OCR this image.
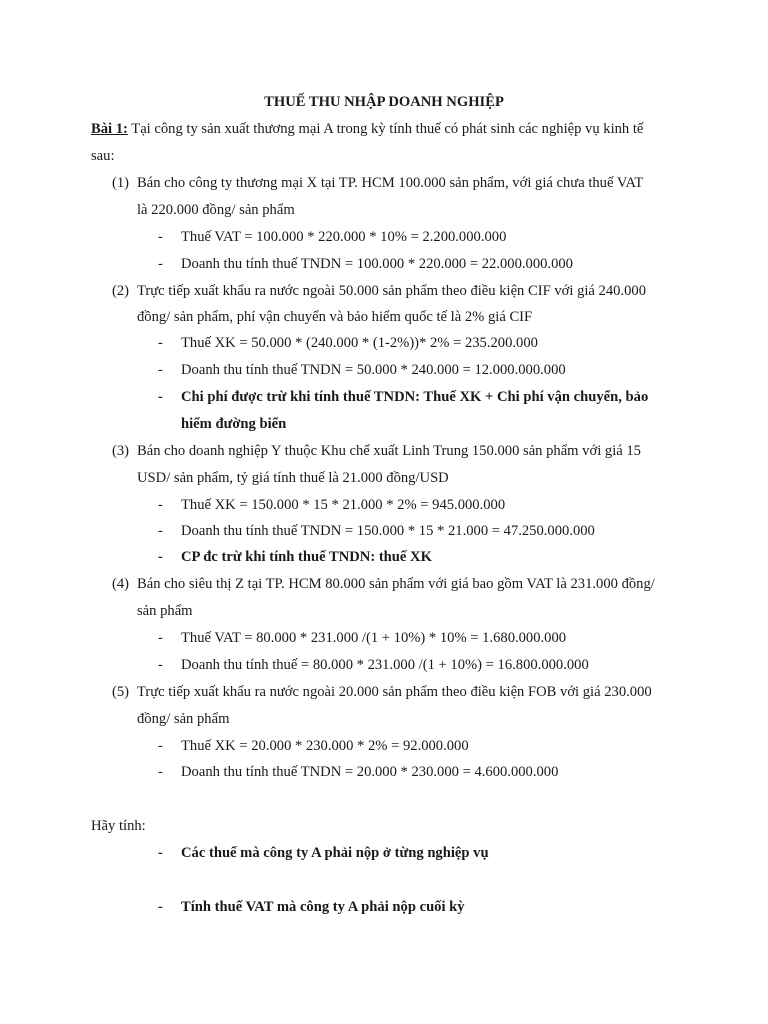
THUẾ THU NHẬP DOANH NGHIỆP
Bài 1: Tại công ty sản xuất thương mại A trong kỳ tính thuế có phát sinh các nghiệp vụ kinh tế
sau:
(1) Bán cho công ty thương mại X tại TP. HCM 100.000 sản phẩm, với giá chưa thuế VAT
là 220.000 đồng/ sản phẩm
-	Thuế VAT = 100.000 * 220.000 * 10% = 2.200.000.000
-	Doanh thu tính thuế TNDN = 100.000 * 220.000 = 22.000.000.000
(2) Trực tiếp xuất khẩu ra nước ngoài 50.000 sản phẩm theo điều kiện CIF với giá 240.000
đồng/ sản phẩm, phí vận chuyển và bảo hiểm quốc tế là 2% giá CIF
-	Thuế XK = 50.000 * (240.000 * (1-2%))* 2% = 235.200.000
-	Doanh thu tính thuế TNDN = 50.000 * 240.000 = 12.000.000.000
-	Chi phí được trừ khi tính thuế TNDN: Thuế XK + Chi phí vận chuyển, bảo
hiểm đường biển
(3) Bán cho doanh nghiệp Y thuộc Khu chế xuất Linh Trung 150.000 sản phẩm với giá 15
USD/ sản phẩm, tỷ giá tính thuế là 21.000 đồng/USD
-	Thuế XK = 150.000 * 15 * 21.000 * 2% = 945.000.000
-	Doanh thu tính thuế TNDN = 150.000 * 15 * 21.000 = 47.250.000.000
-	CP đc trừ khi tính thuế TNDN: thuế XK
(4) Bán cho siêu thị Z tại TP. HCM 80.000 sản phẩm với giá bao gồm VAT là 231.000 đồng/
sản phẩm
-	Thuế VAT = 80.000 * 231.000 /(1 + 10%) * 10% = 1.680.000.000
-	Doanh thu tính thuế = 80.000 * 231.000 /(1 + 10%) = 16.800.000.000
(5) Trực tiếp xuất khẩu ra nước ngoài 20.000 sản phẩm theo điều kiện FOB với giá 230.000
đồng/ sản phẩm
-	Thuế XK = 20.000 * 230.000 * 2% = 92.000.000
-	Doanh thu tính thuế TNDN = 20.000 * 230.000 = 4.600.000.000
Hãy tính:
-	Các thuế mà công ty A phải nộp ở từng nghiệp vụ
-	Tính thuế VAT mà công ty A phải nộp cuối kỳ
